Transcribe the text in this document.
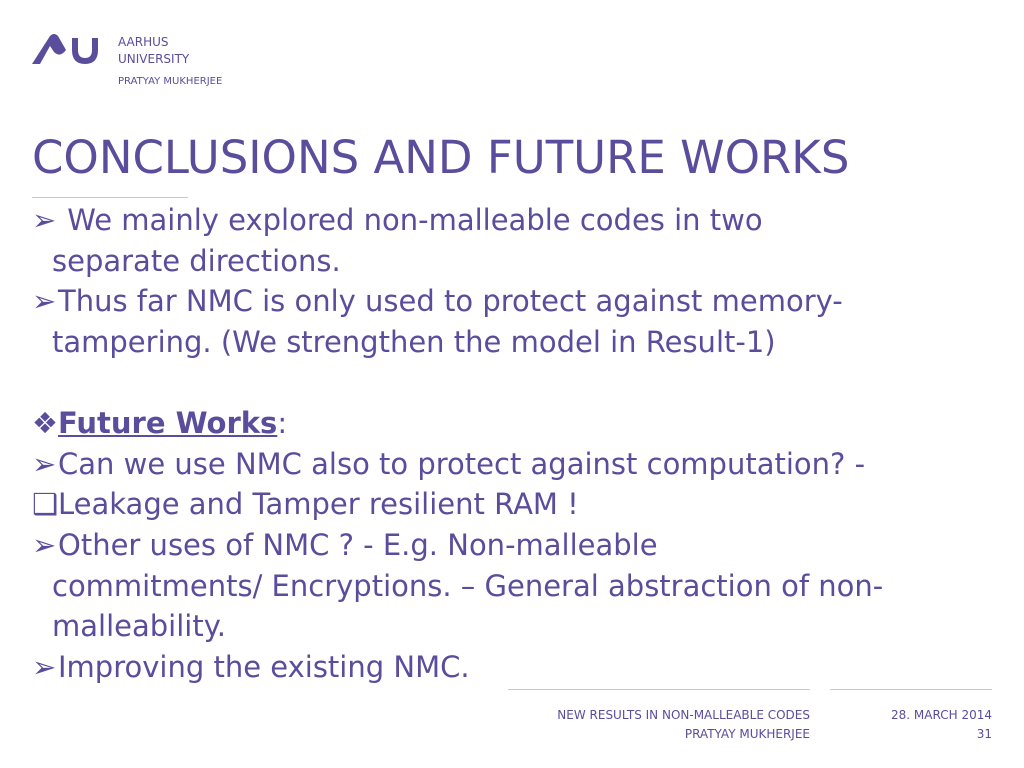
AARHUS
UNIVERSITY
PRATYAY MUKHERJEE
CONCLUSIONS AND FUTURE WORKS
➢ We mainly explored non-malleable codes in two
separate directions.
➢Thus far NMC is only used to protect against memory-
tampering. (We strengthen the model in Result-1)
❖Future Works:
➢Can we use NMC also to protect against computation? -
❑Leakage and Tamper resilient RAM !
➢Other uses of NMC ? - E.g. Non-malleable
commitments/ Encryptions. – General abstraction of non-
malleability.
➢Improving the existing NMC.
NEW RESULTS IN NON-MALLEABLE CODES
PRATYAY MUKHERJEE
28. MARCH 2014
31
